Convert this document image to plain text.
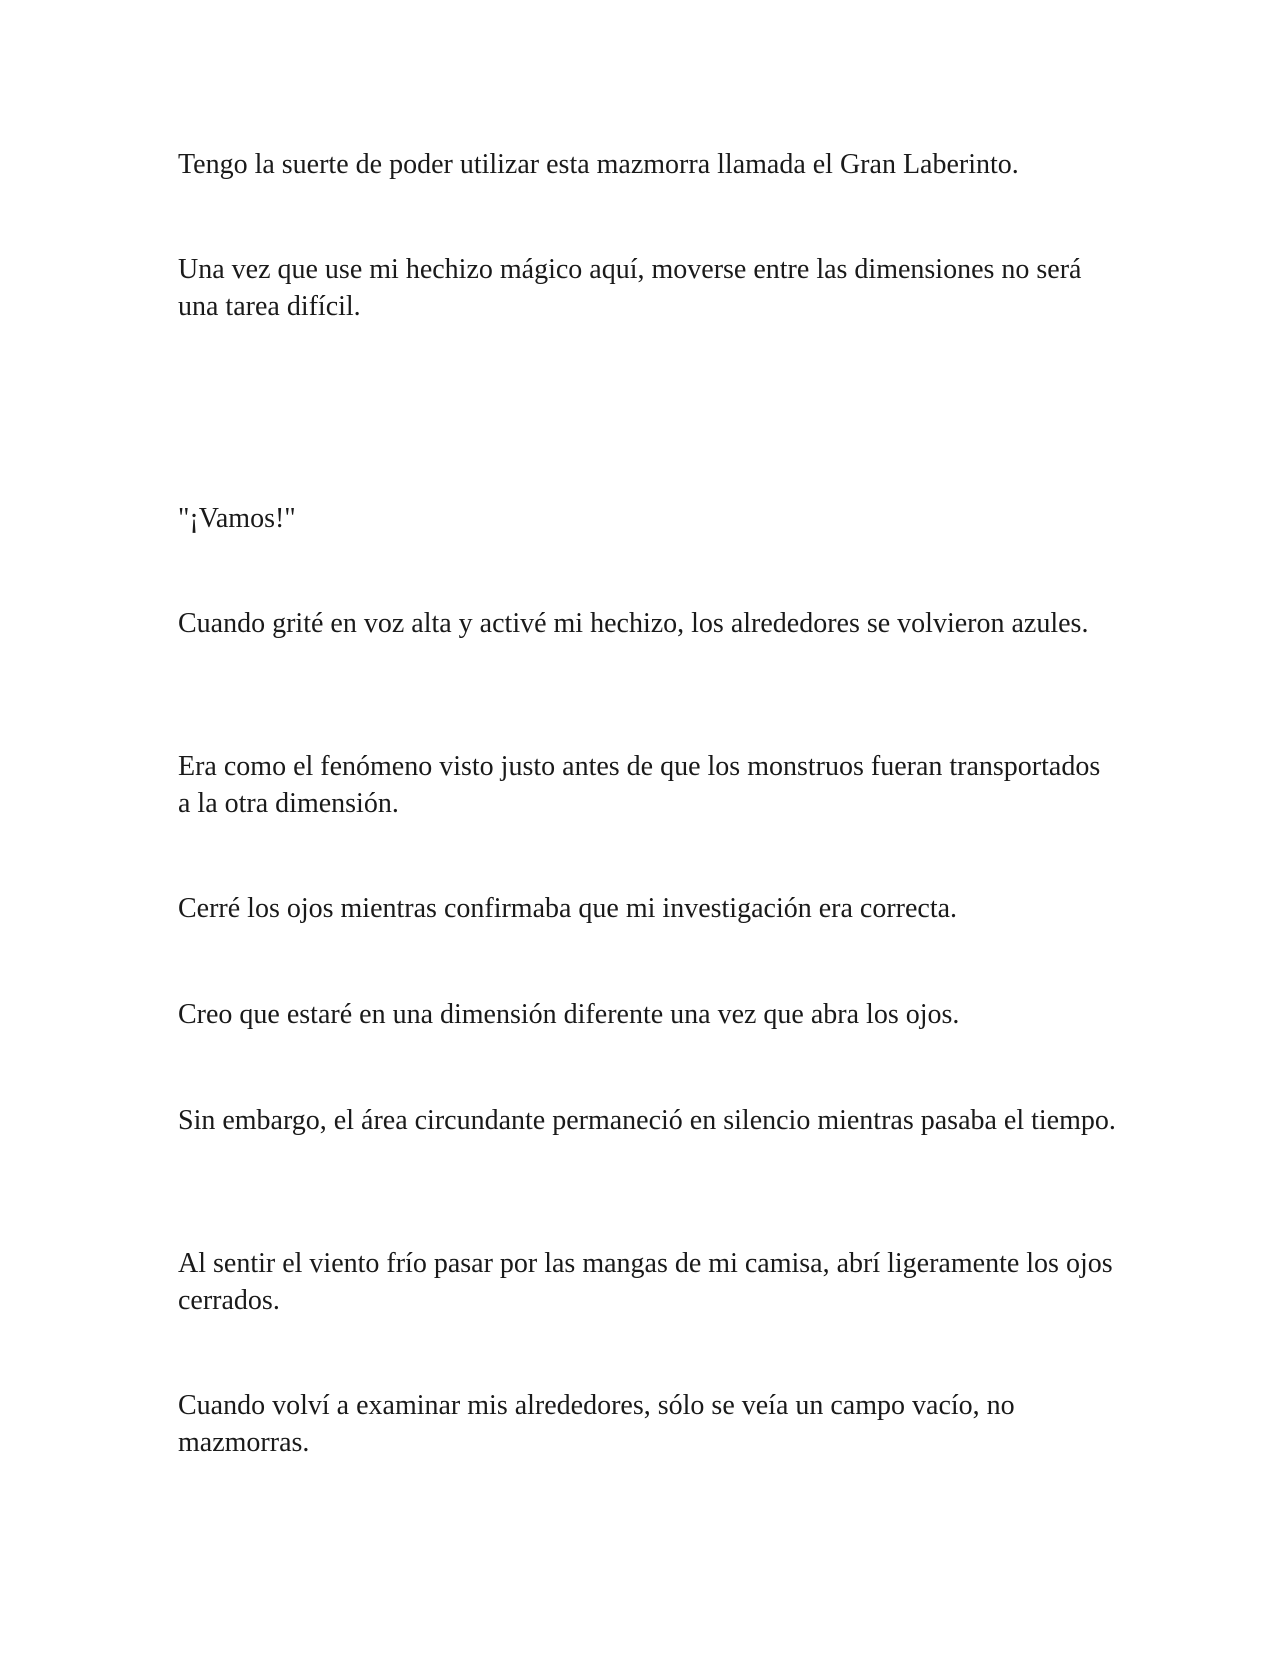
Tengo la suerte de poder utilizar esta mazmorra llamada el Gran Laberinto.

Una vez que use mi hechizo mágico aquí, moverse entre las dimensiones no será una tarea difícil.

"¡Vamos!"

Cuando grité en voz alta y activé mi hechizo, los alrededores se volvieron azules.

Era como el fenómeno visto justo antes de que los monstruos fueran transportados a la otra dimensión.

Cerré los ojos mientras confirmaba que mi investigación era correcta.

Creo que estaré en una dimensión diferente una vez que abra los ojos.

Sin embargo, el área circundante permaneció en silencio mientras pasaba el tiempo.

Al sentir el viento frío pasar por las mangas de mi camisa, abrí ligeramente los ojos cerrados.

Cuando volví a examinar mis alrededores, sólo se veía un campo vacío, no mazmorras.
